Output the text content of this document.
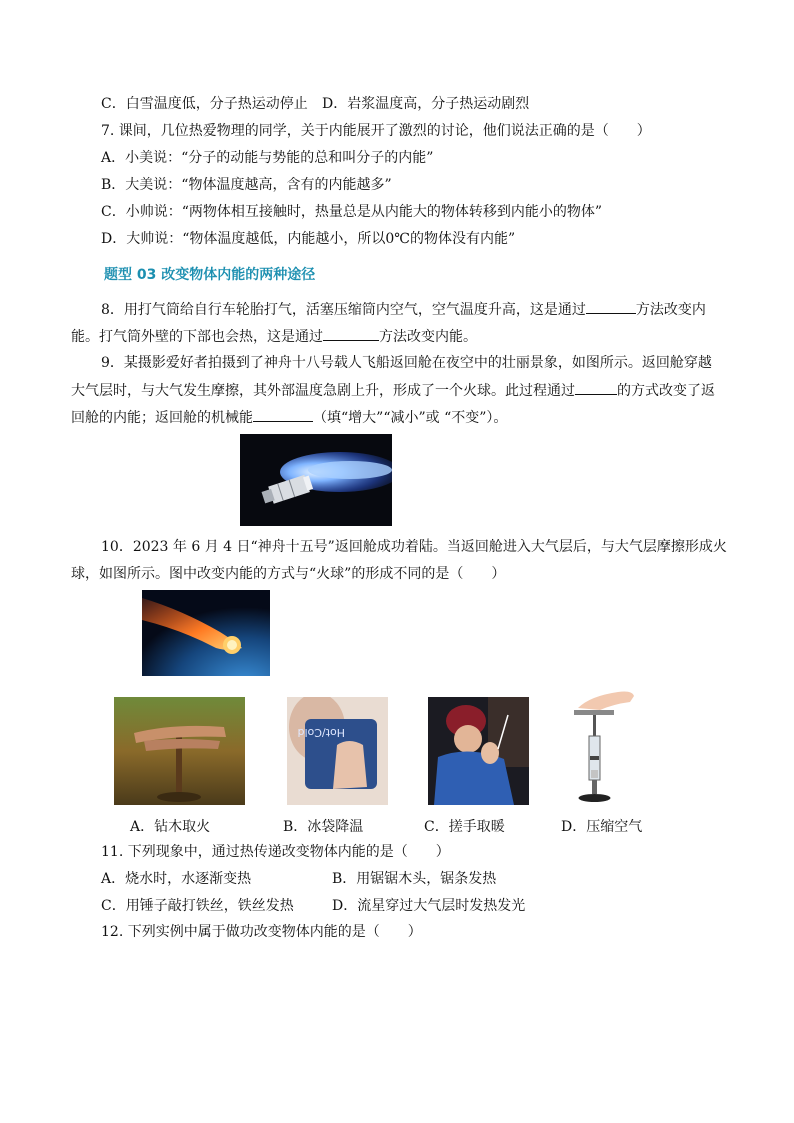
C．白雪温度低，分子热运动停止 D．岩浆温度高，分子热运动剧烈
7. 课间，几位热爱物理的同学，关于内能展开了激烈的讨论，他们说法正确的是（　　）
A．小美说：“分子的动能与势能的总和叫分子的内能”
B．大美说：“物体温度越高，含有的内能越多”
C．小帅说：“两物体相互接触时，热量总是从内能大的物体转移到内能小的物体”
D．大帅说：“物体温度越低，内能越小，所以0℃的物体没有内能”
题型 03 改变物体内能的两种途径
8．用打气筒给自行车轮胎打气，活塞压缩筒内空气，空气温度升高，这是通过	方法改变内
能。打气筒外壁的下部也会热，这是通过	方法改变内能。
9．某摄影爱好者拍摄到了神舟十八号载人飞船返回舱在夜空中的壮丽景象，如图所示。返回舱穿越
大气层时，与大气发生摩擦，其外部温度急剧上升，形成了一个火球。此过程通过	的方式改变了返
回舱的内能；返回舱的机械能	（填“增大”“减小”或 “不变”）。
10．2023 年 6 月 4 日“神舟十五号”返回舱成功着陆。当返回舱进入大气层后，与大气层摩擦形成火
球，如图所示。图中改变内能的方式与“火球”的形成不同的是（　　）
Hot/Cold
A．钻木取火	B．冰袋降温	C．搓手取暖	D．压缩空气
11. 下列现象中，通过热传递改变物体内能的是（　　）
A．烧水时，水逐渐变热	B．用锯锯木头，锯条发热
C．用锤子敲打铁丝，铁丝发热	D．流星穿过大气层时发热发光
12. 下列实例中属于做功改变物体内能的是（　　）
